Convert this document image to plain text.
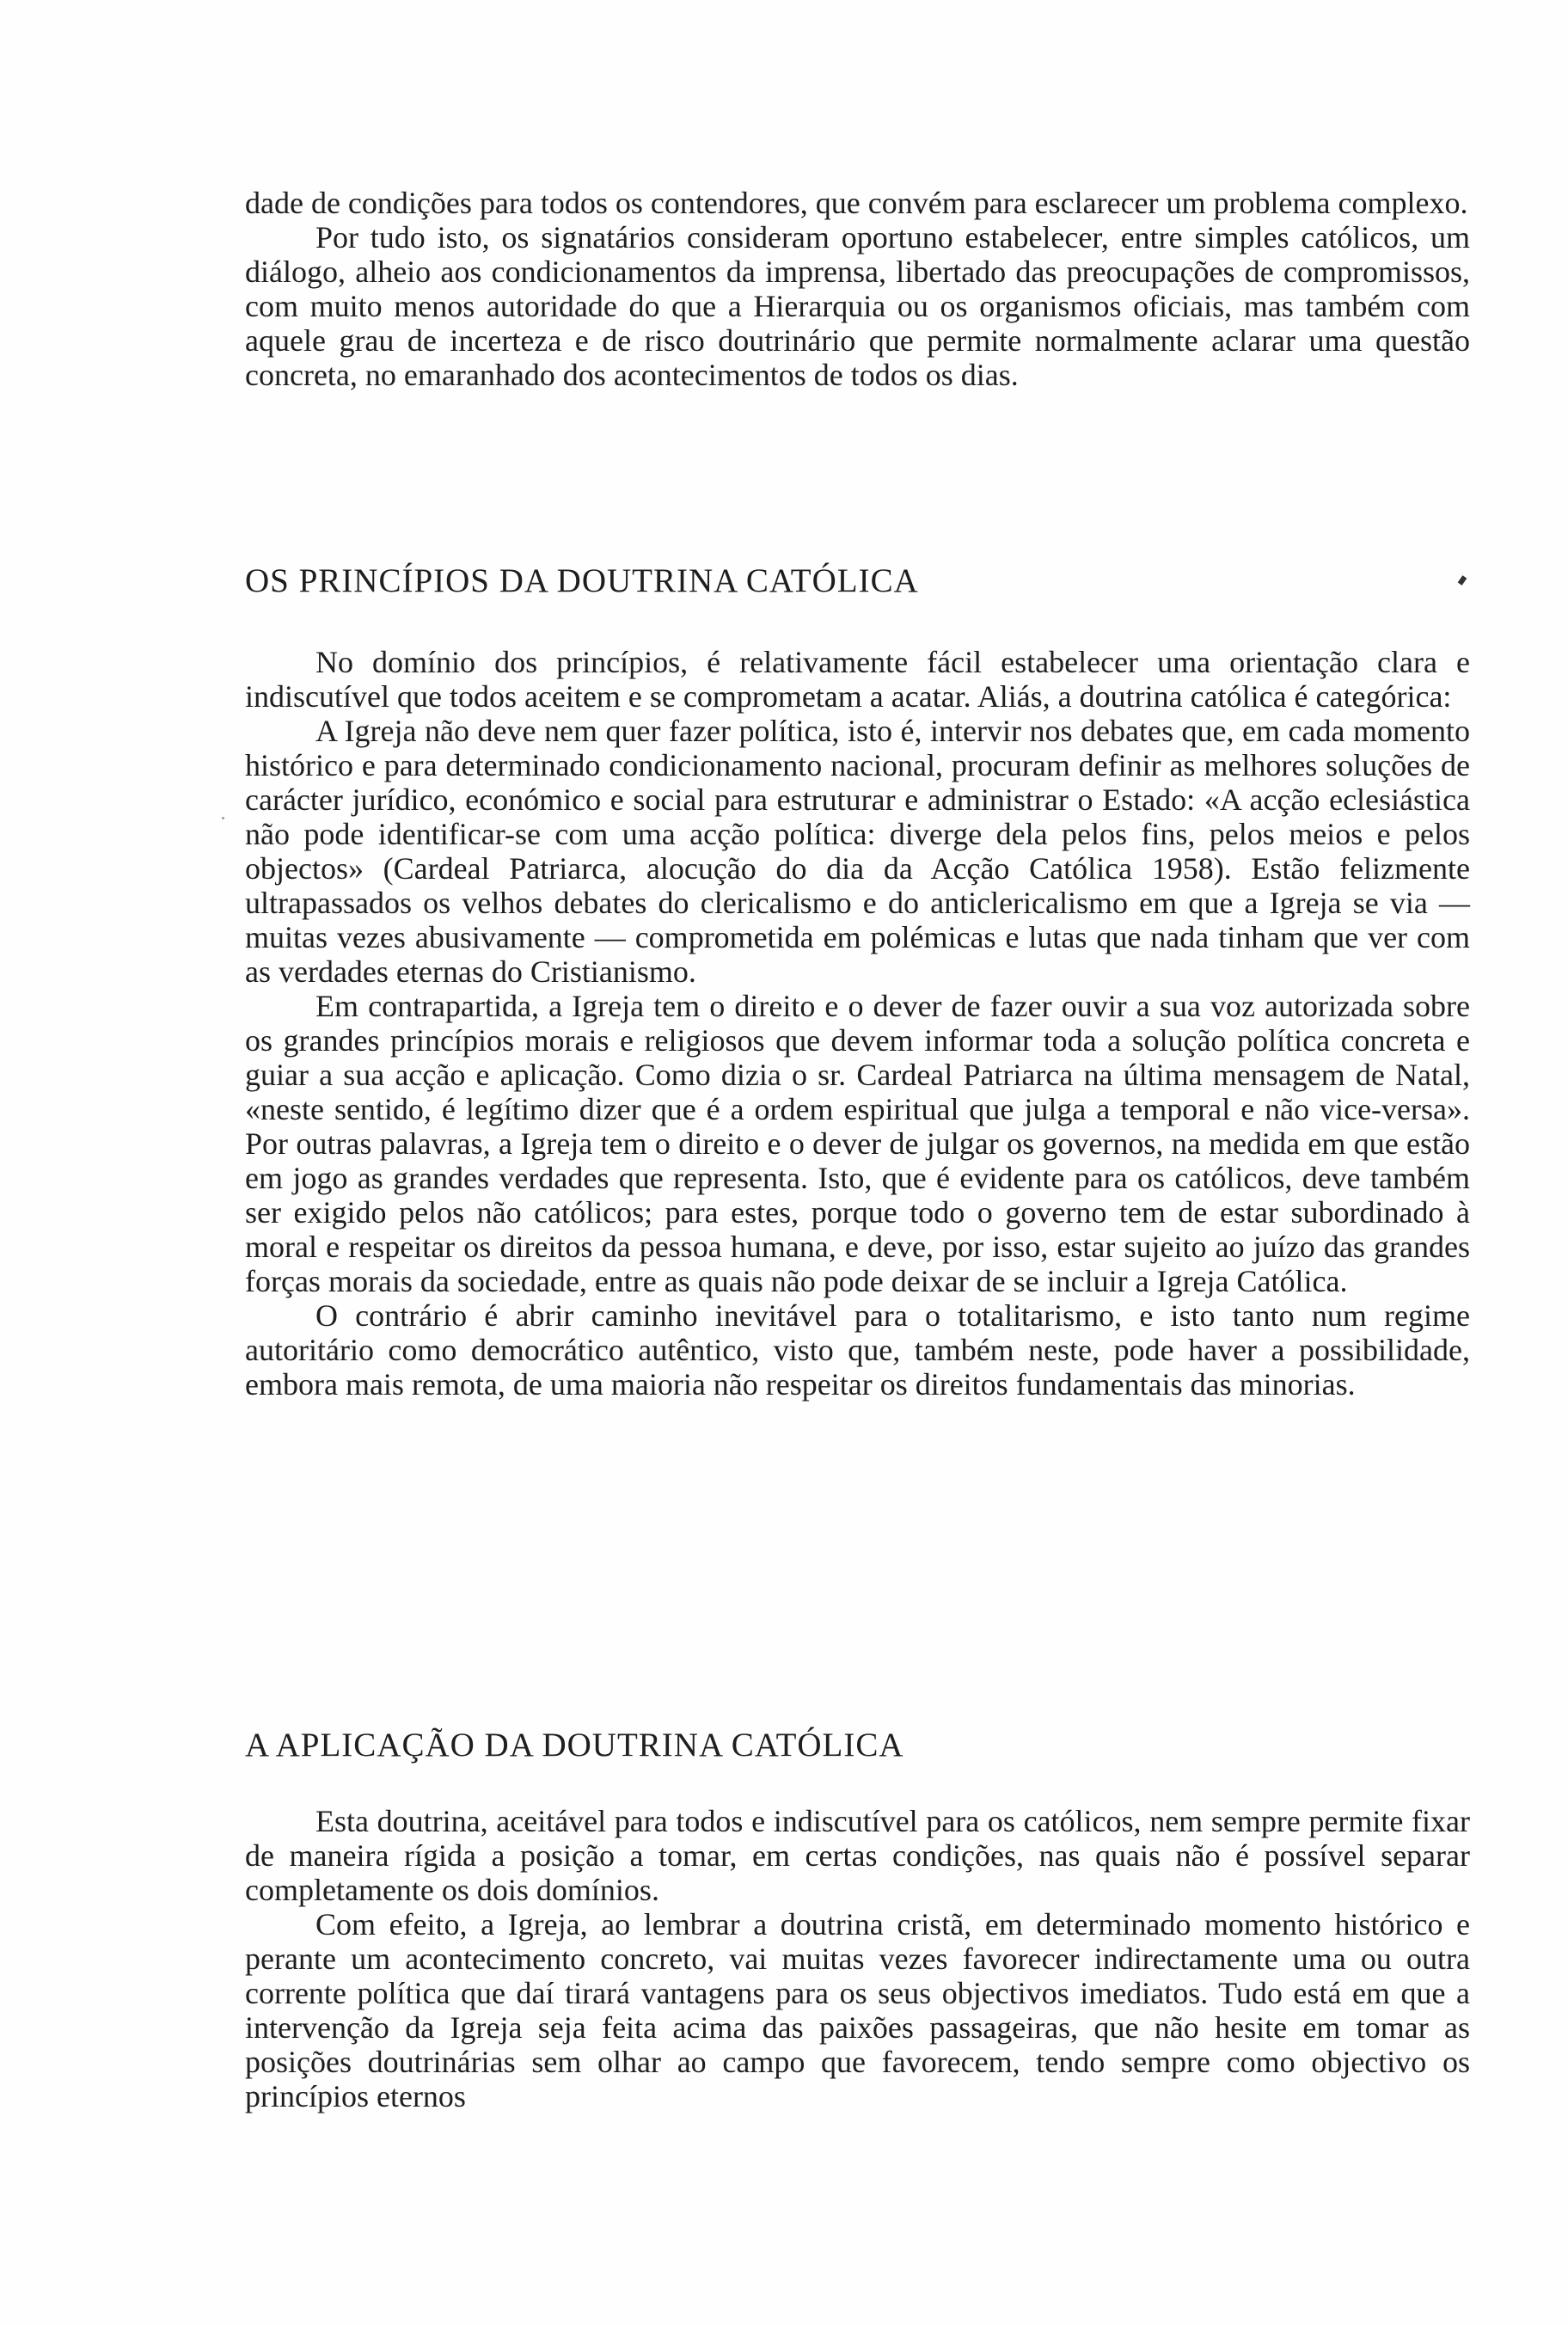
dade de condições para todos os contendores, que convém para esclarecer um problema complexo.

Por tudo isto, os signatários consideram oportuno estabelecer, entre simples católicos, um diálogo, alheio aos condicionamentos da imprensa, libertado das preocupações de compromissos, com muito menos autoridade do que a Hierarquia ou os organismos oficiais, mas também com aquele grau de incerteza e de risco doutrinário que permite normalmente aclarar uma questão concreta, no emaranhado dos acontecimentos de todos os dias.

OS PRINCÍPIOS DA DOUTRINA CATÓLICA

No domínio dos princípios, é relativamente fácil estabelecer uma orientação clara e indiscutível que todos aceitem e se comprometam a acatar. Aliás, a doutrina católica é categórica:

A Igreja não deve nem quer fazer política, isto é, intervir nos debates que, em cada momento histórico e para determinado condicionamento nacional, procuram definir as melhores soluções de carácter jurídico, económico e social para estruturar e administrar o Estado: «A acção eclesiástica não pode identificar-se com uma acção política: diverge dela pelos fins, pelos meios e pelos objectos» (Cardeal Patriarca, alocução do dia da Acção Católica 1958). Estão felizmente ultrapassados os velhos debates do clericalismo e do anticlericalismo em que a Igreja se via — muitas vezes abusivamente — comprometida em polémicas e lutas que nada tinham que ver com as verdades eternas do Cristianismo.

Em contrapartida, a Igreja tem o direito e o dever de fazer ouvir a sua voz autorizada sobre os grandes princípios morais e religiosos que devem informar toda a solução política concreta e guiar a sua acção e aplicação. Como dizia o sr. Cardeal Patriarca na última mensagem de Natal, «neste sentido, é legítimo dizer que é a ordem espiritual que julga a temporal e não vice-versa». Por outras palavras, a Igreja tem o direito e o dever de julgar os governos, na medida em que estão em jogo as grandes verdades que representa. Isto, que é evidente para os católicos, deve também ser exigido pelos não católicos; para estes, porque todo o governo tem de estar subordinado à moral e respeitar os direitos da pessoa humana, e deve, por isso, estar sujeito ao juízo das grandes forças morais da sociedade, entre as quais não pode deixar de se incluir a Igreja Católica.

O contrário é abrir caminho inevitável para o totalitarismo, e isto tanto num regime autoritário como democrático autêntico, visto que, também neste, pode haver a possibilidade, embora mais remota, de uma maioria não respeitar os direitos fundamentais das minorias.

A APLICAÇÃO DA DOUTRINA CATÓLICA

Esta doutrina, aceitável para todos e indiscutível para os católicos, nem sempre permite fixar de maneira rígida a posição a tomar, em certas condições, nas quais não é possível separar completamente os dois domínios.

Com efeito, a Igreja, ao lembrar a doutrina cristã, em determinado momento histórico e perante um acontecimento concreto, vai muitas vezes favorecer indirectamente uma ou outra corrente política que daí tirará vantagens para os seus objectivos imediatos. Tudo está em que a intervenção da Igreja seja feita acima das paixões passageiras, que não hesite em tomar as posições doutrinárias sem olhar ao campo que favorecem, tendo sempre como objectivo os princípios eternos
